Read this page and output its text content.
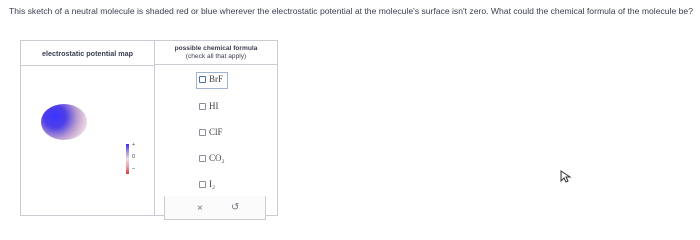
This sketch of a neutral molecule is shaded red or blue wherever the electrostatic potential at the molecule's surface isn't zero. What could the chemical formula of the molecule be?
electrostatic potential map
+
0
–
possible chemical formula
(check all that apply)
BrF
HI
ClF
CO₂
I₂
×	↺
